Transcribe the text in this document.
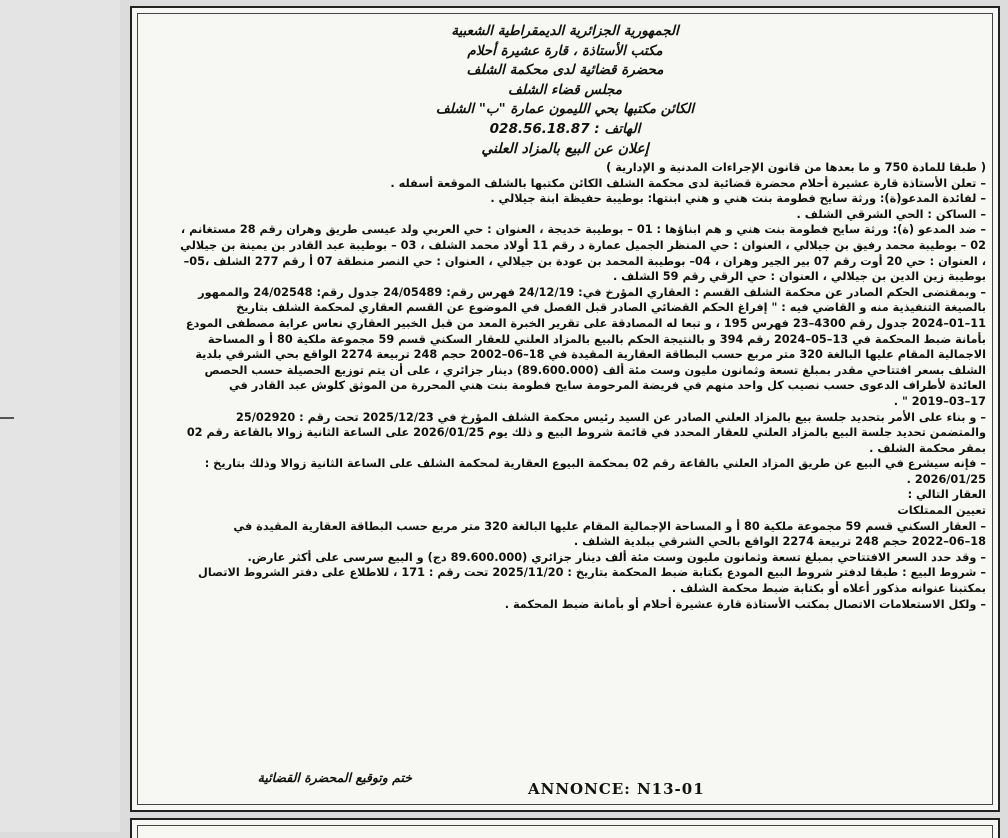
الجمهورية الجزائرية الديمقراطية الشعبية
مكتب الأستاذة ، قارة عشيرة أحلام
محضرة قضائية لدى محكمة الشلف
مجلس قضاء الشلف
الكائن مكتبها بحي الليمون عمارة "ب" الشلف
الهاتف : 028.56.18.87
إعلان عن البيع بالمزاد العلني

( طبقا للمادة 750 و ما بعدها من قانون الإجراءات المدنية و الإدارية )

– تعلن الأستاذة قارة عشيرة أحلام محضرة قضائية لدى محكمة الشلف الكائن مكتبها بالشلف الموقعة أسفله .

– لفائدة المدعو(ة): ورثة سايح فطومة بنت هني و هني ابنتها: بوطيبة حفيظة ابنة جيلالي .

– الساكن : الحي الشرقي الشلف .

– ضد المدعو (ة): ورثة سايح فطومة بنت هني و هم ابناؤها : 01 – بوطيبة خديجة ، العنوان : حي العربي ولد عيسى طريق وهران رقم 28 مستغانم ،

02 – بوطيبة محمد رفيق بن جيلالي ، العنوان : حي المنظر الجميل عمارة د رقم 11 أولاد محمد الشلف ، 03 – بوطيبة عبد القادر بن يمينة بن جيلالي

، العنوان : حي 20 أوت رقم 07 بير الجير وهران ، 04– بوطيبة المحمد بن عودة بن جيلالي ، العنوان : حي النصر منطقة 07 أ رقم 277 الشلف ،05–

بوطيبة زين الدين بن جيلالي ، العنوان : حي الرقي رقم 59 الشلف .

– وبمقتضى الحكم الصادر عن محكمة الشلف القسم : العقاري المؤرخ في: 24/12/19 فهرس رقم: 24/05489 جدول رقم: 24/02548 والممهور

بالصيغة التنفيذية منه و القاضي فيه : " إفراغ الحكم القضائي الصادر قبل الفصل في الموضوع عن القسم العقاري لمحكمة الشلف بتاريخ

11–01–2024 جدول رقم 4300–23 فهرس 195 ، و تبعا له المصادقة على تقرير الخبرة المعد من قبل الخبير العقاري نعاس عرابة مصطفى المودع

بأمانة ضبط المحكمة في 13–05–2024 رقم 394 و بالنتيجة الحكم بالبيع بالمزاد العلني للعقار السكني قسم 59 مجموعة ملكية 80 أ و المساحة

الاجمالية المقام عليها البالغة 320 متر مربع حسب البطاقة العقارية المقيدة في 18–06–2002 حجم 248 تربيعة 2274 الواقع بحي الشرقي بلدية

الشلف بسعر افتتاحي مقدر بمبلغ تسعة وثمانون مليون وست مئة ألف (89.600.000) دينار جزائري ، على أن يتم توزيع الحصيلة حسب الحصص

العائدة لأطراف الدعوى حسب نصيب كل واحد منهم في فريضة المرحومة سايح فطومة بنت هني المحررة من الموثق كلوش عبد القادر في

17–03–2019 " .

– و بناء على الأمر بتحديد جلسة بيع بالمزاد العلني الصادر عن السيد رئيس محكمة الشلف المؤرخ في 2025/12/23 تحت رقم : 25/02920

والمتضمن تحديد جلسة البيع بالمزاد العلني للعقار المحدد في قائمة شروط البيع و ذلك يوم 2026/01/25 على الساعة الثانية زوالا بالقاعة رقم 02

بمقر محكمة الشلف .

– فإنه سيشرع في البيع عن طريق المزاد العلني بالقاعة رقم 02 بمحكمة البيوع العقارية لمحكمة الشلف على الساعة الثانية زوالا وذلك بتاريخ :

2026/01/25 .

العقار التالي :

تعيين الممتلكات

– العقار السكني قسم 59 مجموعة ملكية 80 أ و المساحة الإجمالية المقام عليها البالغة 320 متر مربع حسب البطاقة العقارية المقيدة في

18–06–2022 حجم 248 تربيعة 2274 الواقع بالحي الشرقي ببلدية الشلف .

– وقد حدد السعر الافتتاحي بمبلغ تسعة وثمانون مليون وست مئة ألف دينار جزائري (89.600.000 دج) و البيع سرسى على أكثر عارض.

– شروط البيع : طبقا لدفتر شروط البيع المودع بكتابة ضبط المحكمة بتاريخ : 2025/11/20 تحت رقم : 171 ، للاطلاع على دفتر الشروط الاتصال

بمكتبنا عنوانه مذكور أعلاه أو بكتابة ضبط محكمة الشلف .

– ولكل الاستعلامات الاتصال بمكتب الأستاذة قارة عشيرة أحلام أو بأمانة ضبط المحكمة .

ختم وتوقيع المحضرة القضائية
ANNONCE: N13-01
